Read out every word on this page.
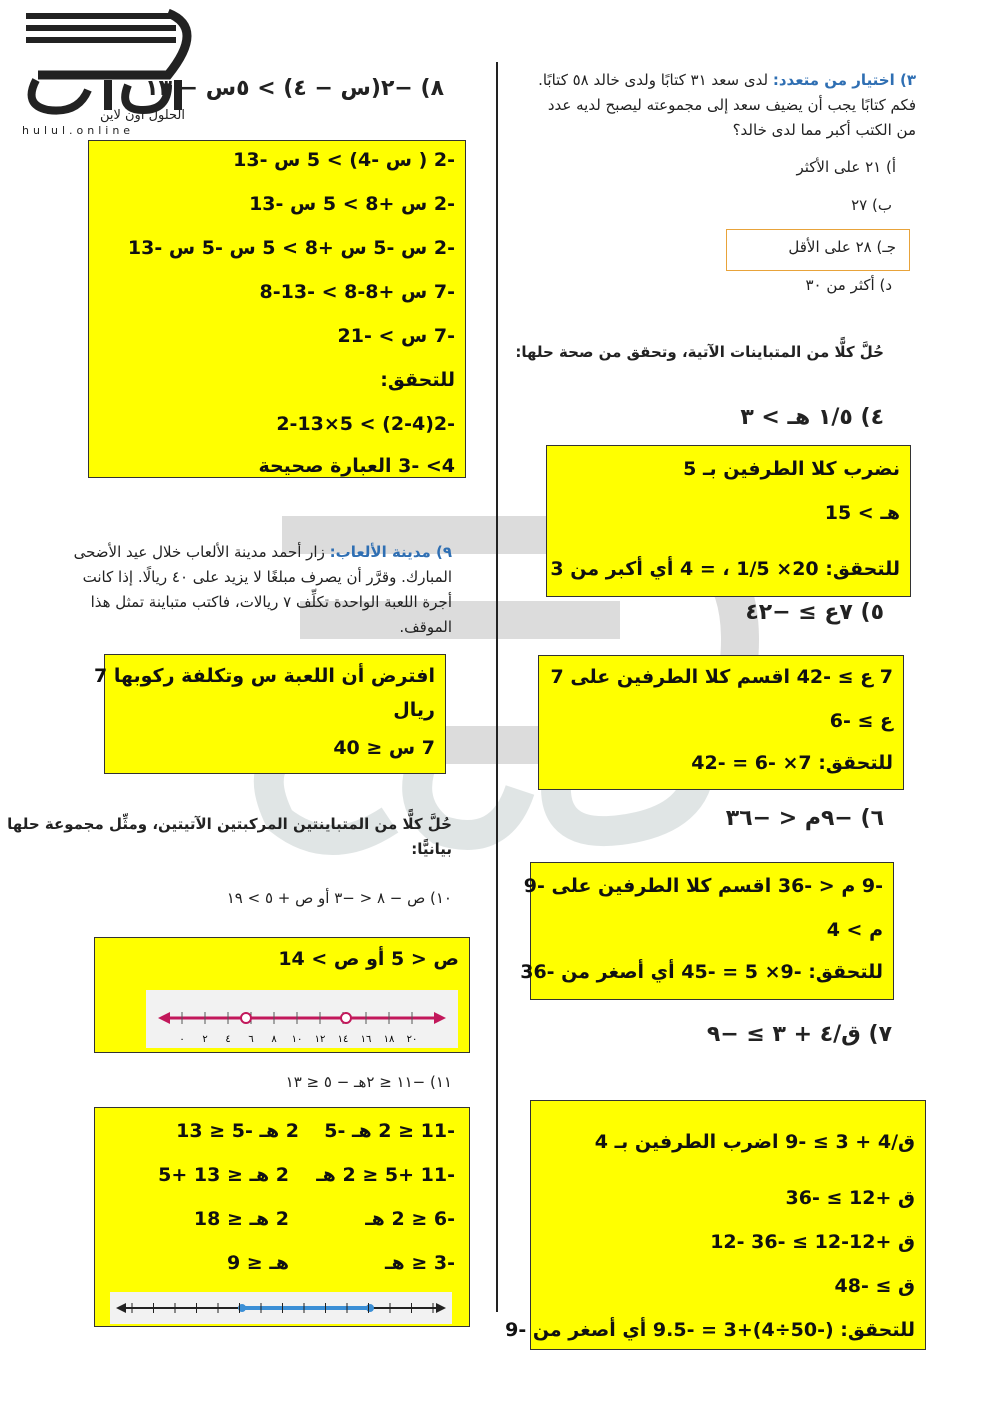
الحلول اون لاين
hulul.online
٣) اختيار من متعدد: لدى سعد ٣١ كتابًا ولدى خالد ٥٨ كتابًا.
فكم كتابًا يجب أن يضيف سعد إلى مجموعته ليصبح لديه عدد
من الكتب أكبر مما لدى خالد؟
أ) ٢١ على الأكثر
ب) ٢٧
جـ) ٢٨ على الأقل
د) أكثر من ٣٠
حُلَّ كلًّا من المتباينات الآتية، وتحقق من صحة حلها:
٤) ١/٥ هـ > ٣
نضرب كلا الطرفين بـ 5
هـ > 15
للتحقق: 20× 1/5 ، = 4 أي أكبر من 3
٥) ٧ع ≥ −٤٢
7 ع ≥ -42 اقسم كلا الطرفين على 7
ع ≥ -6
للتحقق: 7× -6 = -42
٦) −٩م < −٣٦
-9 م < -36 اقسم كلا الطرفين على -9
م > 4
للتحقق: -9× 5 = -45 أي أصغر من -36
٧) ق/٤ + ٣ ≥ −٩
ق/4 + 3 ≥ -9 اضرب الطرفين بـ 4
ق +12 ≥ -36
ق +12-12 ≥ -36 -12
ق ≥ -48
للتحقق: (-50÷4)+3 = -9.5 أي أصغر من -9
٨) −٢(س − ٤) > ٥س − ١٣
-2 ( س -4) > 5 س -13
-2 س +8 > 5 س -13
-2 س -5 س +8 > 5 س -5 س -13
-7 س +8-8 > -13-8
-7 س > -21
للتحقق:
-2(2-4) > 5×2-13
4> -3 العبارة صحيحة
٩) مدينة الألعاب: زار أحمد مدينة الألعاب خلال عيد الأضحى
المبارك. وقرَّر أن يصرف مبلغًا لا يزيد على ٤٠ ريالًا. إذا كانت
أجرة اللعبة الواحدة تكلِّف ٧ ريالات، فاكتب متباينة تمثل هذا
الموقف.
افترض أن اللعبة س وتكلفة ركوبها 7
ريال
7 س ≤ 40
حُلَّ كلًّا من المتباينتين المركبتين الآتيتين، ومثِّل مجموعة حلها
بيانيًّا:
١٠) ص − ٨ < −٣ أو ص + ٥ > ١٩
ص < 5 أو ص > 14
٠ ٢ ٤ ٦ ٨ ١٠ ١٢ ١٤ ١٦ ١٨ ٢٠
١١) −١١ ≤ ٢هـ − ٥ ≤ ١٣
-11 ≤ 2 هـ -5
2 هـ -5 ≤ 13
-11 +5 ≤ 2 هـ
2 هـ ≤ 13 +5
-6 ≤ 2 هـ
2 هـ ≤ 18
-3 ≤ هـ
هـ ≤ 9
